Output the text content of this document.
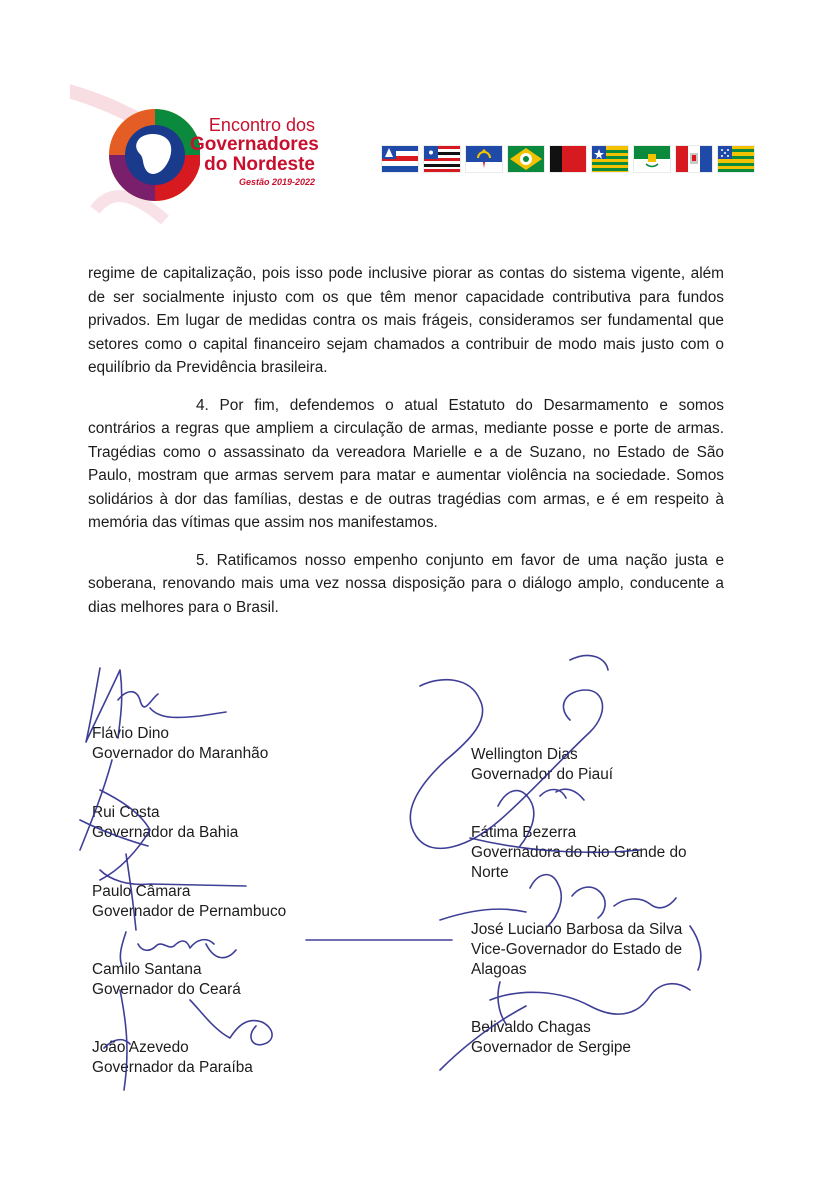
Encontro dos
Governadores
do Nordeste
Gestão 2019-2022

regime de capitalização, pois isso pode inclusive piorar as contas do sistema vigente, além de ser socialmente injusto com os que têm menor capacidade contributiva para fundos privados. Em lugar de medidas contra os mais frágeis, consideramos ser fundamental que setores como o capital financeiro sejam chamados a contribuir de modo mais justo com o equilíbrio da Previdência brasileira.

4. Por fim, defendemos o atual Estatuto do Desarmamento e somos contrários a regras que ampliem a circulação de armas, mediante posse e porte de armas. Tragédias como o assassinato da vereadora Marielle e a de Suzano, no Estado de São Paulo, mostram que armas servem para matar e aumentar violência na sociedade. Somos solidários à dor das famílias, destas e de outras tragédias com armas, e é em respeito à memória das vítimas que assim nos manifestamos.

5. Ratificamos nosso empenho conjunto em favor de uma nação justa e soberana, renovando mais uma vez nossa disposição para o diálogo amplo, conducente a dias melhores para o Brasil.

Flávio Dino
Governador do Maranhão
Rui Costa
Governador da Bahia
Paulo Câmara
Governador de Pernambuco
Camilo Santana
Governador do Ceará
João Azevedo
Governador da Paraíba
Wellington Dias
Governador do Piauí
Fátima Bezerra
Governadora do Rio Grande do
Norte
José Luciano Barbosa da Silva
Vice-Governador do Estado de
Alagoas
Belivaldo Chagas
Governador de Sergipe
